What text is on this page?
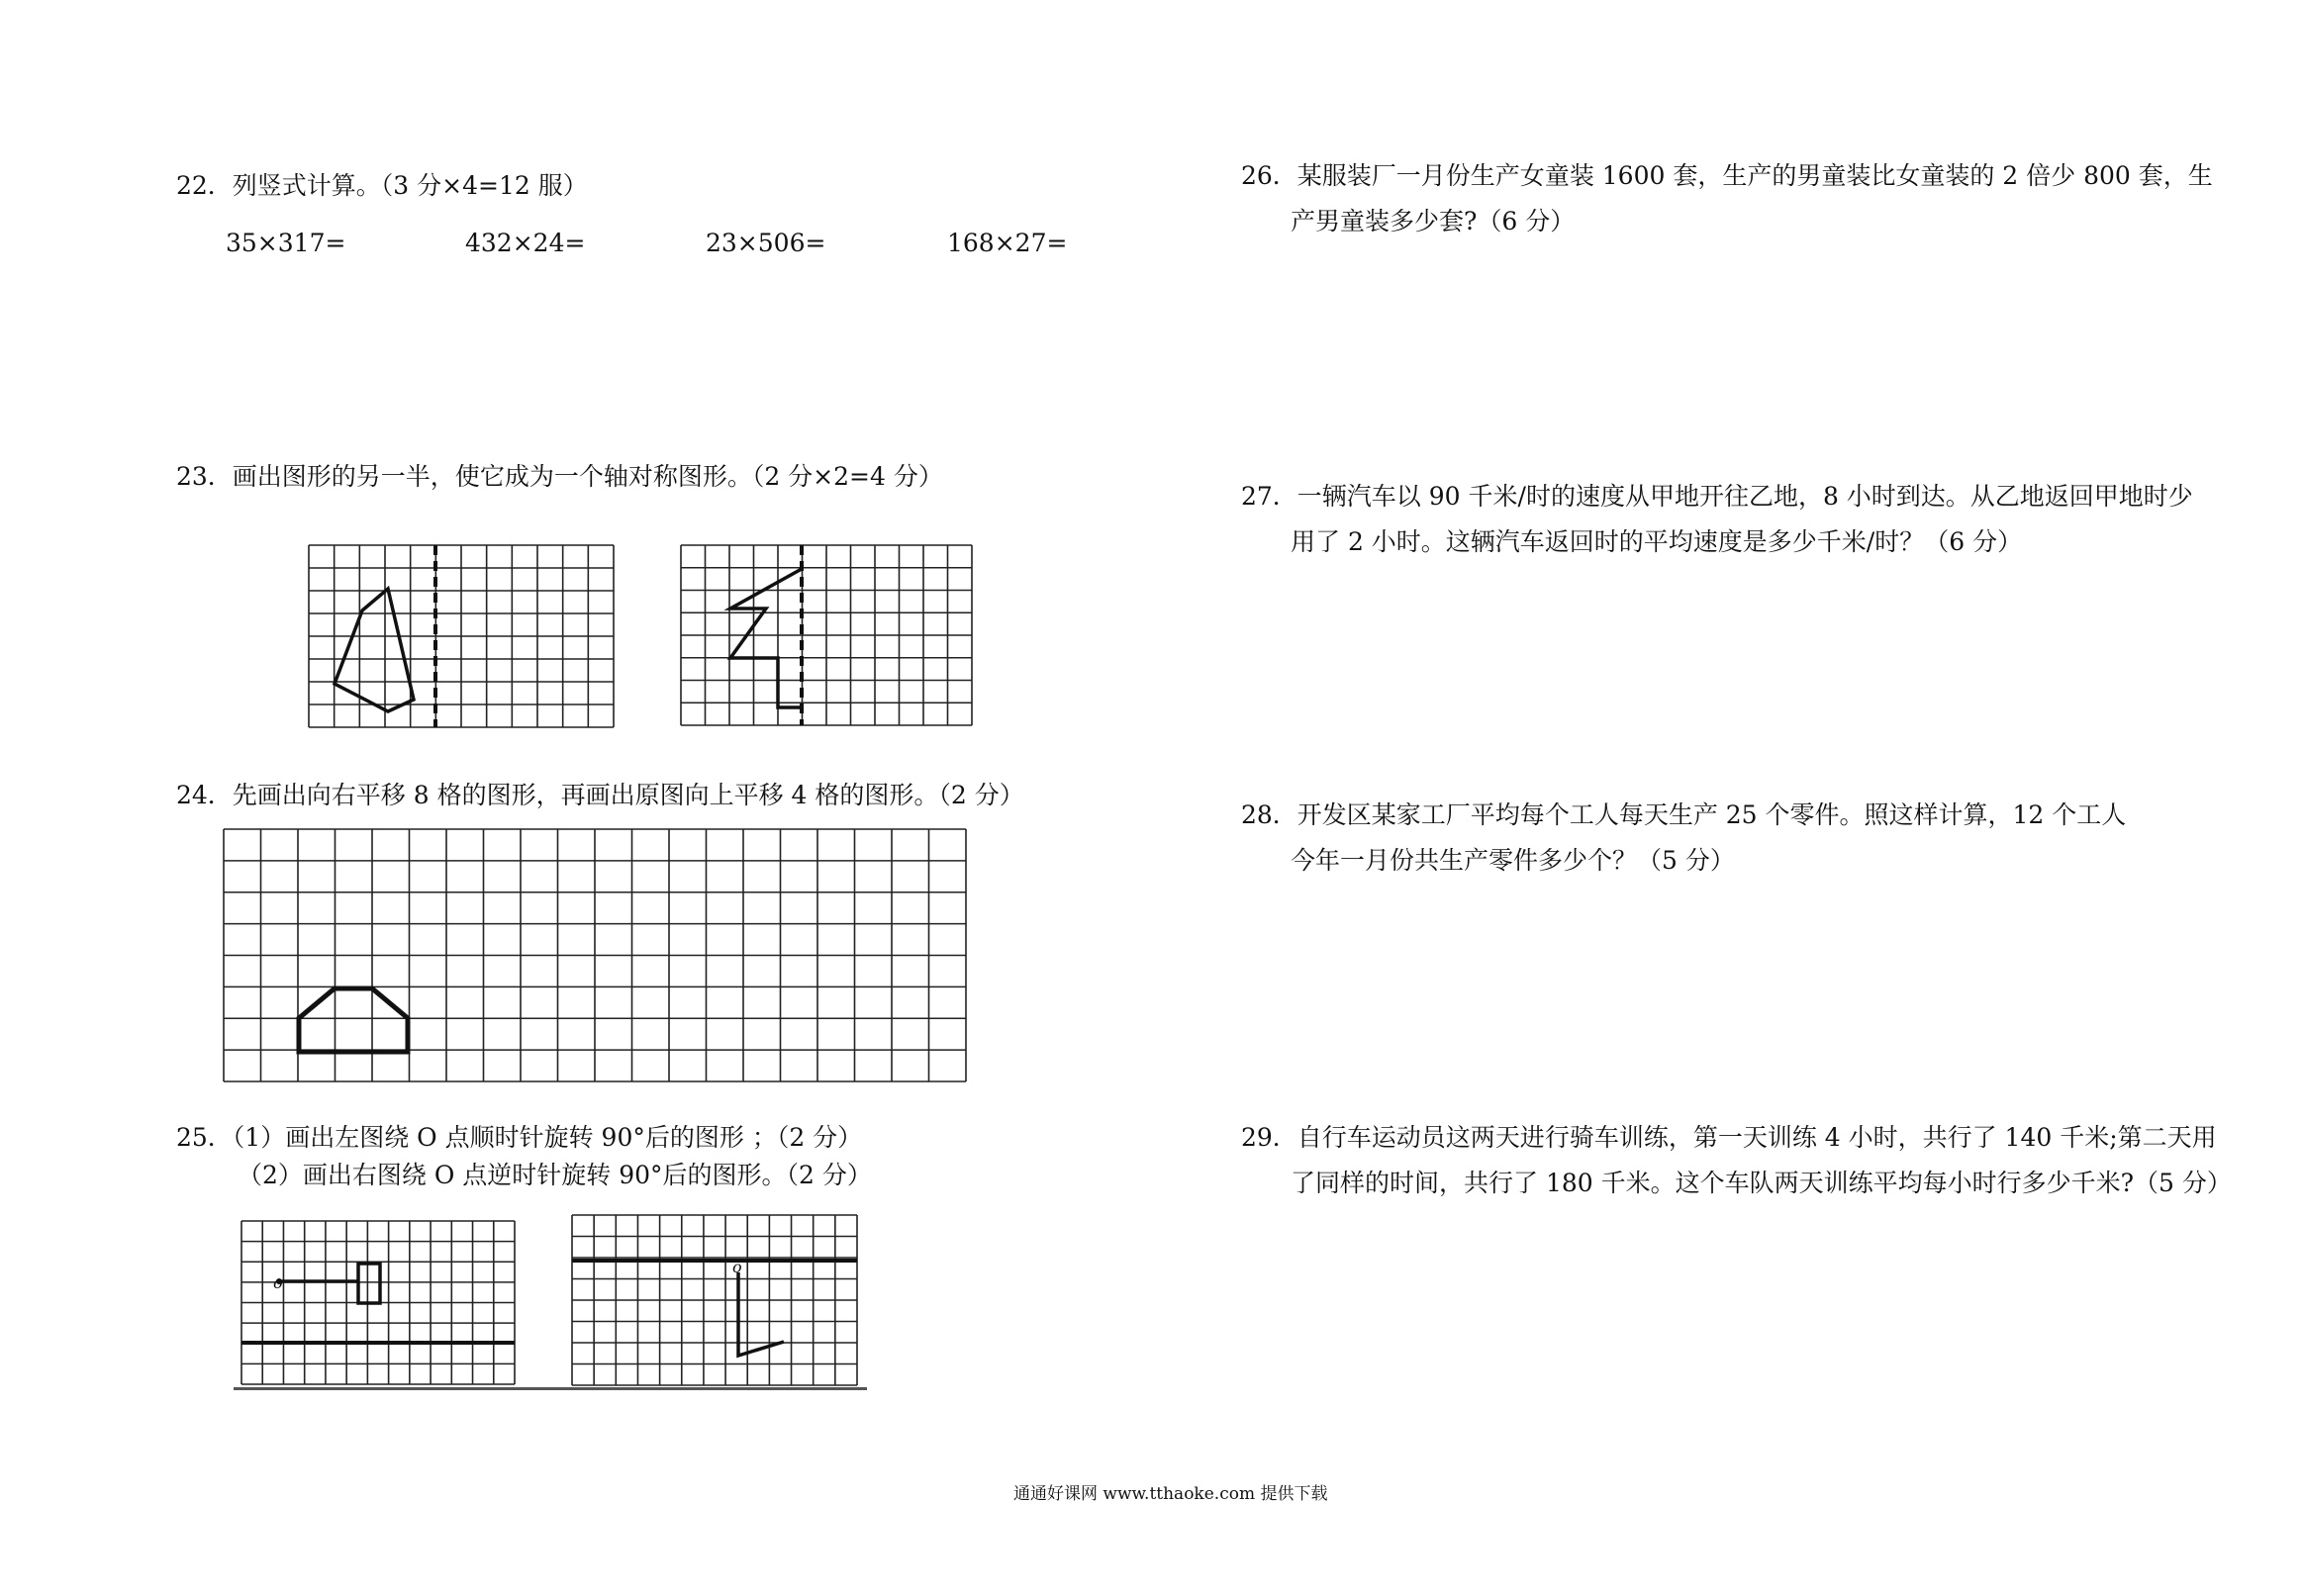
22．列竖式计算。（3 分×4=12 服）
35×317=	432×24=	23×506=	168×27=
23．画出图形的另一半，使它成为一个轴对称图形。（2 分×2=4 分）
24．先画出向右平移 8 格的图形，再画出原图向上平移 4 格的图形。（2 分）
25．（1）画出左图绕 O 点顺时针旋转 90°后的图形 ；（2 分）
（2）画出右图绕 O 点逆时针旋转 90°后的图形。（2 分）
o
o
26．某服装厂一月份生产女童装 1600 套，生产的男童装比女童装的 2 倍少 800 套，生
产男童装多少套?（6 分）
27．一辆汽车以 90 千米/时的速度从甲地开往乙地，8 小时到达。从乙地返回甲地时少
用了 2 小时。这辆汽车返回时的平均速度是多少千米/时？（6 分）
28．开发区某家工厂平均每个工人每天生产 25 个零件。照这样计算，12 个工人
今年一月份共生产零件多少个？（5 分）
29．自行车运动员这两天进行骑车训练，第一天训练 4 小时，共行了 140 千米;第二天用
了同样的时间，共行了 180 千米。这个车队两天训练平均每小时行多少千米?（5 分）
通通好课网 www.tthaoke.com 提供下载
